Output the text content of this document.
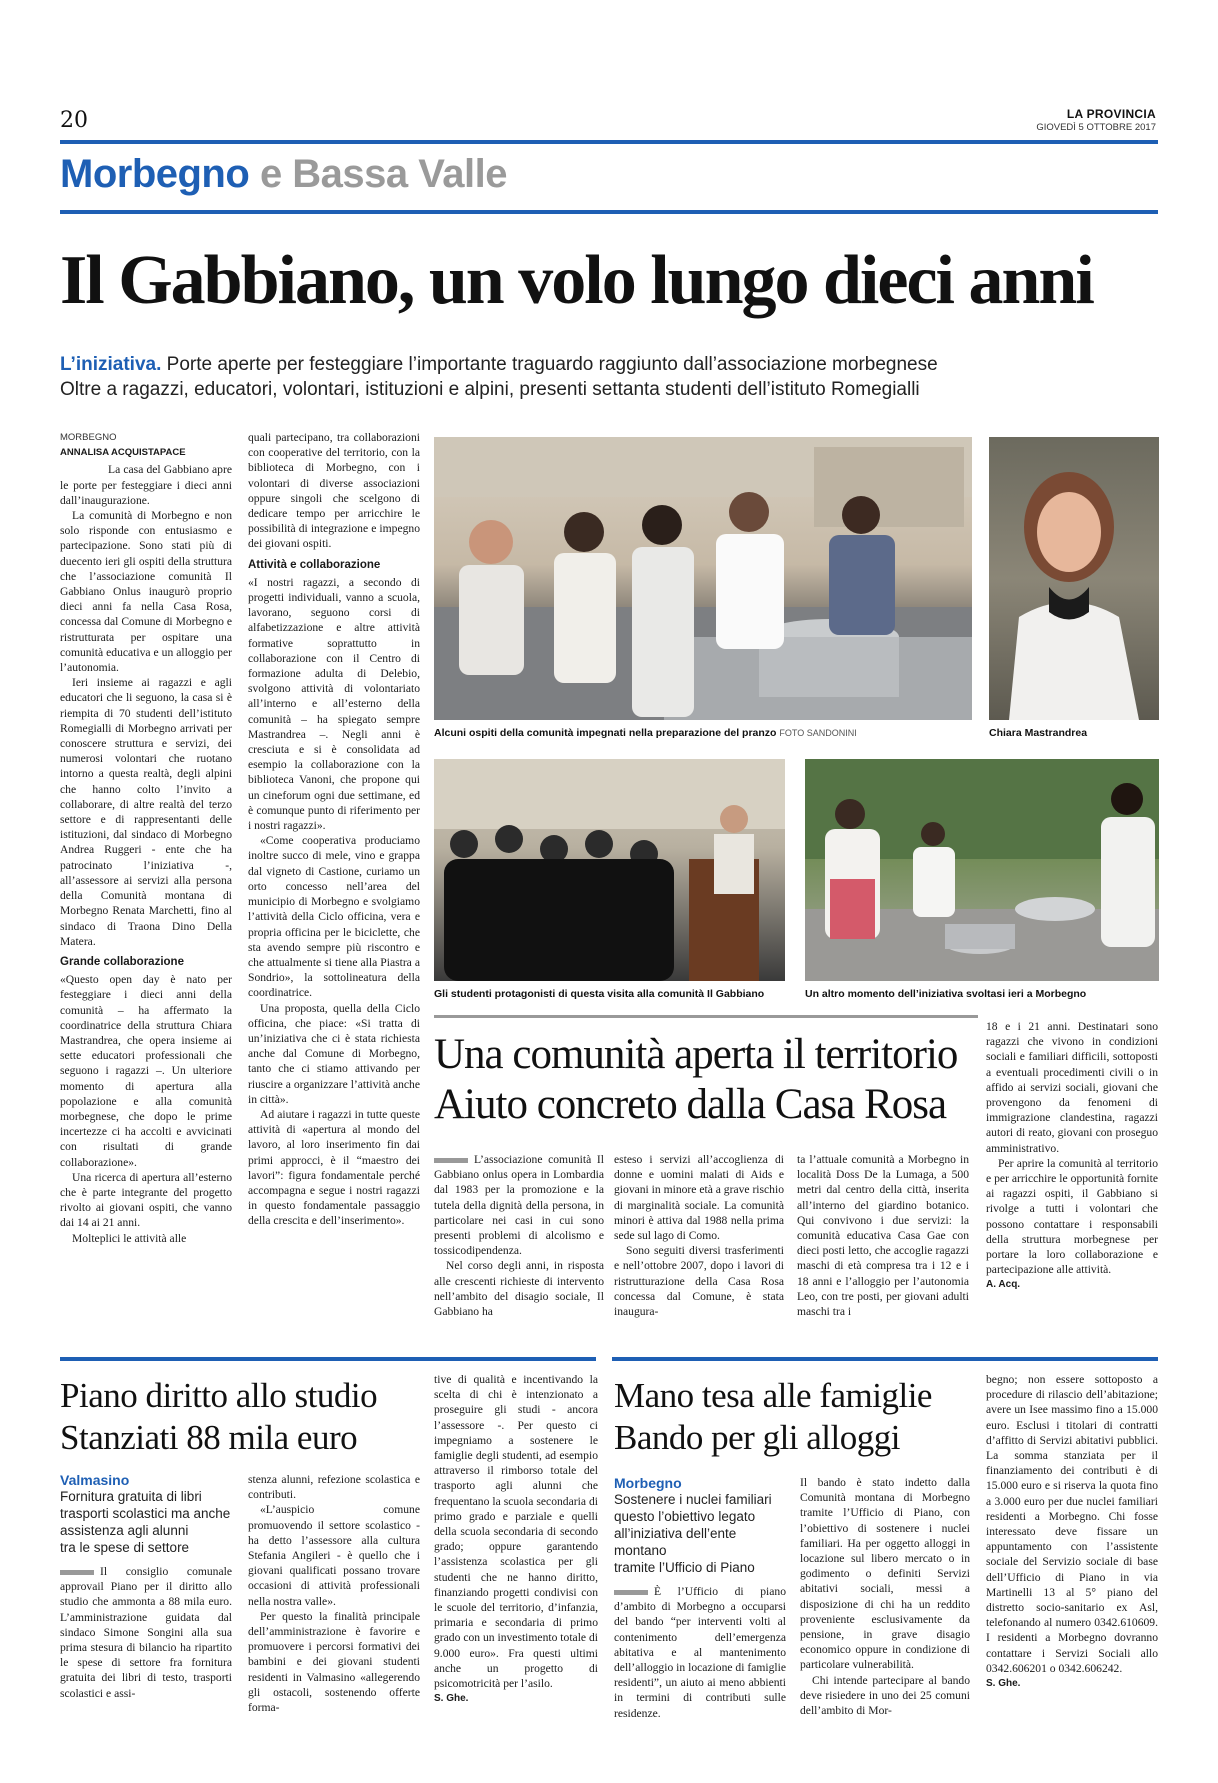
20	LA PROVINCIA
GIOVEDÌ 5 OTTOBRE 2017
Morbegno e Bassa Valle
Il Gabbiano, un volo lungo dieci anni
L’iniziativa. Porte aperte per festeggiare l’importante traguardo raggiunto dall’associazione morbegnese
Oltre a ragazzi, educatori, volontari, istituzioni e alpini, presenti settanta studenti dell’istituto Romegialli
MORBEGNO
ANNALISA ACQUISTAPACE

La casa del Gabbiano apre le porte per festeggiare i dieci anni dall’inaugurazione.

La comunità di Morbegno e non solo risponde con entusiasmo e partecipazione. Sono stati più di duecento ieri gli ospiti della struttura che l’associazione comunità Il Gabbiano Onlus inaugurò proprio dieci anni fa nella Casa Rosa, concessa dal Comune di Morbegno e ristrutturata per ospitare una comunità educativa e un alloggio per l’autonomia.

Ieri insieme ai ragazzi e agli educatori che li seguono, la casa si è riempita di 70 studenti dell’istituto Romegialli di Morbegno arrivati per conoscere struttura e servizi, dei numerosi volontari che ruotano intorno a questa realtà, degli alpini che hanno colto l’invito a collaborare, di altre realtà del terzo settore e di rappresentanti delle istituzioni, dal sindaco di Morbegno Andrea Ruggeri - ente che ha patrocinato l’iniziativa -, all’assessore ai servizi alla persona della Comunità montana di Morbegno Renata Marchetti, fino al sindaco di Traona Dino Della Matera.

Grande collaborazione

«Questo open day è nato per festeggiare i dieci anni della comunità – ha affermato la coordinatrice della struttura Chiara Mastrandrea, che opera insieme ai sette educatori professionali che seguono i ragazzi –. Un ulteriore momento di apertura alla popolazione e alla comunità morbegnese, che dopo le prime incertezze ci ha accolti e avvicinati con risultati di grande collaborazione».

Una ricerca di apertura all’esterno che è parte integrante del progetto rivolto ai giovani ospiti, che vanno dai 14 ai 21 anni.

Molteplici le attività alle

quali partecipano, tra collaborazioni con cooperative del territorio, con la biblioteca di Morbegno, con i volontari di diverse associazioni oppure singoli che scelgono di dedicare tempo per arricchire le possibilità di integrazione e impegno dei giovani ospiti.

Attività e collaborazione

«I nostri ragazzi, a secondo di progetti individuali, vanno a scuola, lavorano, seguono corsi di alfabetizzazione e altre attività formative soprattutto in collaborazione con il Centro di formazione adulta di Delebio, svolgono attività di volontariato all’interno e all’esterno della comunità – ha spiegato sempre Mastrandrea –. Negli anni è cresciuta e si è consolidata ad esempio la collaborazione con la biblioteca Vanoni, che propone qui un cineforum ogni due settimane, ed è comunque punto di riferimento per i nostri ragazzi».

«Come cooperativa produciamo inoltre succo di mele, vino e grappa dal vigneto di Castione, curiamo un orto concesso nell’area del municipio di Morbegno e svolgiamo l’attività della Ciclo officina, vera e propria officina per le biciclette, che sta avendo sempre più riscontro e che attualmente si tiene alla Piastra a Sondrio», la sottolineatura della coordinatrice.

Una proposta, quella della Ciclo officina, che piace: «Si tratta di un’iniziativa che ci è stata richiesta anche dal Comune di Morbegno, tanto che ci stiamo attivando per riuscire a organizzare l’attività anche in città».

Ad aiutare i ragazzi in tutte queste attività di «apertura al mondo del lavoro, al loro inserimento fin dai primi approcci, è il “maestro dei lavori”: figura fondamentale perché accompagna e segue i nostri ragazzi in questo fondamentale passaggio della crescita e dell’inserimento».

Alcuni ospiti della comunità impegnati nella preparazione del pranzo FOTO SANDONINI	Chiara Mastrandrea
Gli studenti protagonisti di questa visita alla comunità Il Gabbiano	Un altro momento dell’iniziativa svoltasi ieri a Morbegno
Una comunità aperta il territorio
Aiuto concreto dalla Casa Rosa

L’associazione comunità Il Gabbiano onlus opera in Lombardia dal 1983 per la promozione e la tutela della dignità della persona, in particolare nei casi in cui sono presenti problemi di alcolismo e tossicodipendenza.

Nel corso degli anni, in risposta alle crescenti richieste di intervento nell’ambito del disagio sociale, Il Gabbiano ha

esteso i servizi all’accoglienza di donne e uomini malati di Aids e giovani in minore età a grave rischio di marginalità sociale. La comunità minori è attiva dal 1988 nella prima sede sul lago di Como.

Sono seguiti diversi trasferimenti e nell’ottobre 2007, dopo i lavori di ristrutturazione della Casa Rosa concessa dal Comune, è stata inaugura-

ta l’attuale comunità a Morbegno in località Doss De la Lumaga, a 500 metri dal centro della città, inserita all’interno del giardino botanico. Qui convivono i due servizi: la comunità educativa Casa Gae con dieci posti letto, che accoglie ragazzi maschi di età compresa tra i 12 e i 18 anni e l’alloggio per l’autonomia Leo, con tre posti, per giovani adulti maschi tra i

18 e i 21 anni. Destinatari sono ragazzi che vivono in condizioni sociali e familiari difficili, sottoposti a eventuali procedimenti civili o in affido ai servizi sociali, giovani che provengono da fenomeni di immigrazione clandestina, ragazzi autori di reato, giovani con proseguo amministrativo.

Per aprire la comunità al territorio e per arricchire le opportunità fornite ai ragazzi ospiti, il Gabbiano si rivolge a tutti i volontari che possono contattare i responsabili della struttura morbegnese per portare la loro collaborazione e partecipazione alle attività.

A. Acq.
Piano diritto allo studio
Stanziati 88 mila euro
Valmasino
Fornitura gratuita di libri
trasporti scolastici ma anche
assistenza agli alunni
tra le spese di settore

Il consiglio comunale approvail Piano per il diritto allo studio che ammonta a 88 mila euro. L’amministrazione guidata dal sindaco Simone Songini alla sua prima stesura di bilancio ha ripartito le spese di settore fra fornitura gratuita dei libri di testo, trasporti scolastici e assi-

stenza alunni, refezione scolastica e contributi.

«L’auspicio comune promuovendo il settore scolastico - ha detto l’assessore alla cultura Stefania Angileri - è quello che i giovani qualificati possano trovare occasioni di attività professionali nella nostra valle».

Per questo la finalità principale dell’amministrazione è favorire e promuovere i percorsi formativi dei bambini e dei giovani studenti residenti in Valmasino «allegerendo gli ostacoli, sostenendo offerte forma-

tive di qualità e incentivando la scelta di chi è intenzionato a proseguire gli studi - ancora l’assessore -. Per questo ci impegniamo a sostenere le famiglie degli studenti, ad esempio attraverso il rimborso totale del trasporto agli alunni che frequentano la scuola secondaria di primo grado e parziale e quelli della scuola secondaria di secondo grado; oppure garantendo l’assistenza scolastica per gli studenti che ne hanno diritto, finanziando progetti condivisi con le scuole del territorio, d’infanzia, primaria e secondaria di primo grado con un investimento totale di 9.000 euro». Fra questi ultimi anche un progetto di psicomotricità per l’asilo.

S. Ghe.
Mano tesa alle famiglie
Bando per gli alloggi
Morbegno
Sostenere i nuclei familiari
questo l’obiettivo legato
all’iniziativa dell’ente montano
tramite l’Ufficio di Piano

È l’Ufficio di piano d’ambito di Morbegno a occuparsi del bando “per interventi volti al contenimento dell’emergenza abitativa e al mantenimento dell’alloggio in locazione di famiglie residenti”, un aiuto ai meno abbienti in termini di contributi sulle residenze.

Il bando è stato indetto dalla Comunità montana di Morbegno tramite l’Ufficio di Piano, con l’obiettivo di sostenere i nuclei familiari. Ha per oggetto alloggi in locazione sul libero mercato o in godimento o definiti Servizi abitativi sociali, messi a disposizione di chi ha un reddito proveniente esclusivamente da pensione, in grave disagio economico oppure in condizione di particolare vulnerabilità.

Chi intende partecipare al bando deve risiedere in uno dei 25 comuni dell’ambito di Mor-

begno; non essere sottoposto a procedure di rilascio dell’abitazione; avere un Isee massimo fino a 15.000 euro. Esclusi i titolari di contratti d’affitto di Servizi abitativi pubblici. La somma stanziata per il finanziamento dei contributi è di 15.000 euro e si riserva la quota fino a 3.000 euro per due nuclei familiari residenti a Morbegno. Chi fosse interessato deve fissare un appuntamento con l’assistente sociale del Servizio sociale di base dell’Ufficio di Piano in via Martinelli 13 al 5° piano del distretto socio-sanitario ex Asl, telefonando al numero 0342.610609. I residenti a Morbegno dovranno contattare i Servizi Sociali allo 0342.606201 o 0342.606242.

S. Ghe.
